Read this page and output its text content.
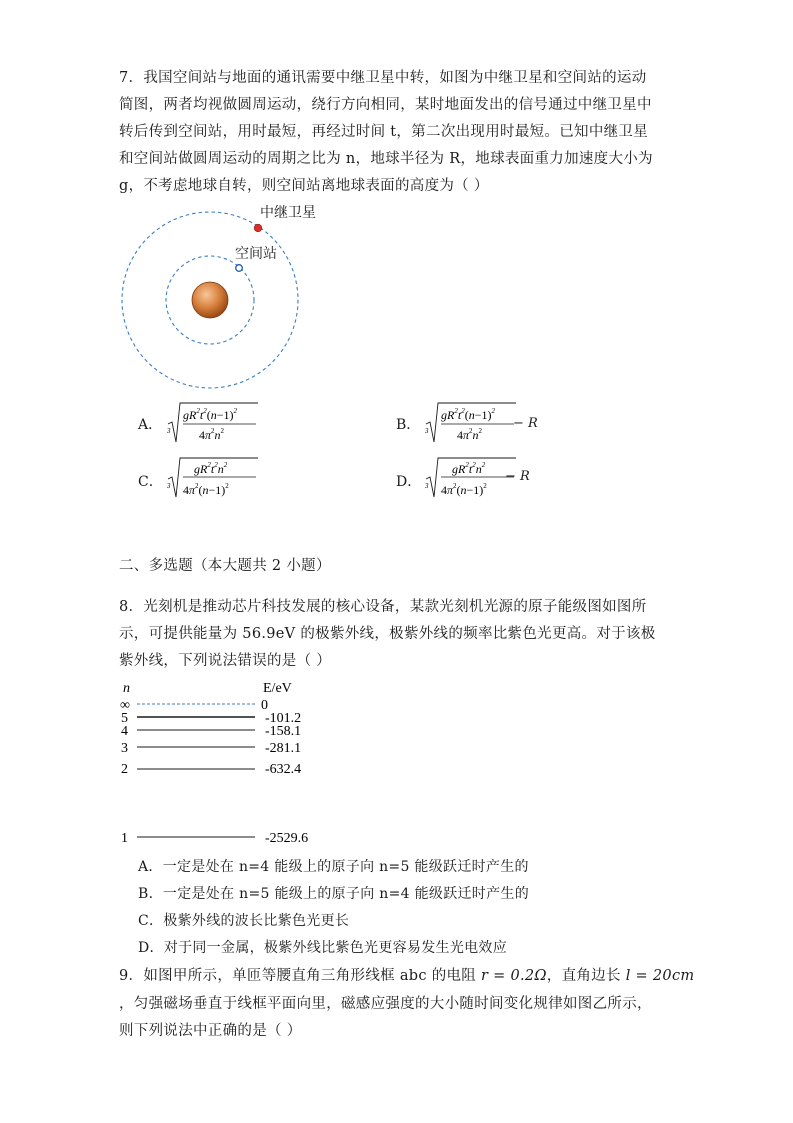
7．我国空间站与地面的通讯需要中继卫星中转，如图为中继卫星和空间站的运动
简图，两者均视做圆周运动，绕行方向相同，某时地面发出的信号通过中继卫星中
转后传到空间站，用时最短，再经过时间 t，第二次出现用时最短。已知中继卫星
和空间站做圆周运动的周期之比为 n，地球半径为 R，地球表面重力加速度大小为
g，不考虑地球自转，则空间站离地球表面的高度为（ ）
中继卫星
空间站
A． 3
$gR^2t^2(n-1)^2$
$4\pi^2n^2$	B． 3
$gR^2t^2(n-1)^2$
$4\pi^2n^2 - R$
C． 3
$gR^2t^2n^2$
$4\pi^2(n-1)^2$	D． 3
$gR^2t^2n^2$
$4\pi^2(n-1)^2$
− R
二、多选题（本大题共 2 小题）
8．光刻机是推动芯片科技发展的核心设备，某款光刻机光源的原子能级图如图所
示，可提供能量为 56.9eV 的极紫外线，极紫外线的频率比紫色光更高。对于该极
紫外线，下列说法错误的是（ ）
n	E/eV
∞	0
5	-101.2
4	-158.1
3	-281.1
2	-632.4
1	-2529.6
A．一定是处在 n=4 能级上的原子向 n=5 能级跃迁时产生的
B．一定是处在 n=5 能级上的原子向 n=4 能级跃迁时产生的
C．极紫外线的波长比紫色光更长
D．对于同一金属，极紫外线比紫色光更容易发生光电效应
9．如图甲所示，单匝等腰直角三角形线框 abc 的电阻 r = 0.2Ω，直角边长 l = 20cm
，匀强磁场垂直于线框平面向里，磁感应强度的大小随时间变化规律如图乙所示，
则下列说法中正确的是（ ）
